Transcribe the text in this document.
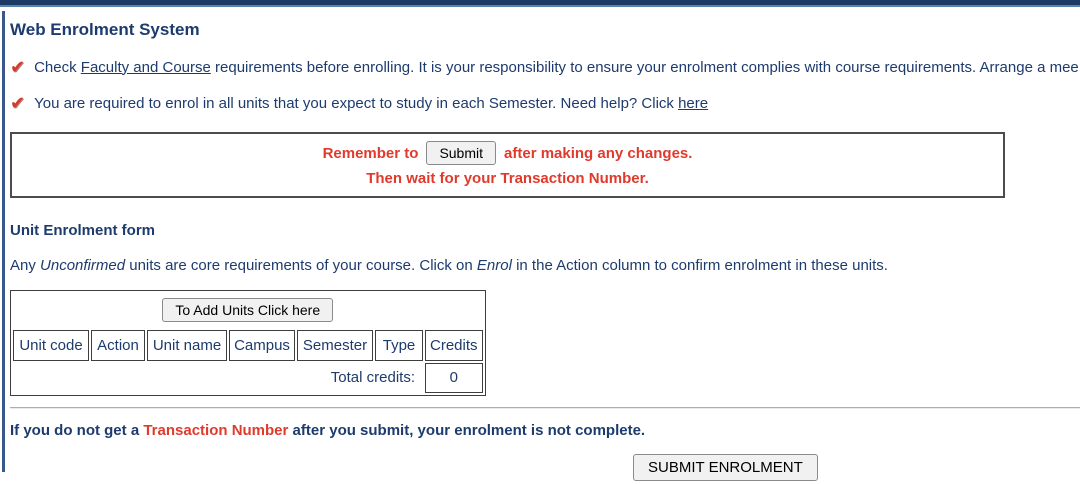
Web Enrolment System
✔ Check Faculty and Course requirements before enrolling. It is your responsibility to ensure your enrolment complies with course requirements. Arrange a mee
✔ You are required to enrol in all units that you expect to study in each Semester. Need help? Click here
Remember to	Submit	after making any changes.
Then wait for your Transaction Number.
Unit Enrolment form
Any Unconfirmed units are core requirements of your course. Click on Enrol in the Action column to confirm enrolment in these units.
To Add Units Click here						
Unit code	Action	Unit name	Campus	Semester	Type	Credits
Total credits:						0
If you do not get a Transaction Number after you submit, your enrolment is not complete.
SUBMIT ENROLMENT
